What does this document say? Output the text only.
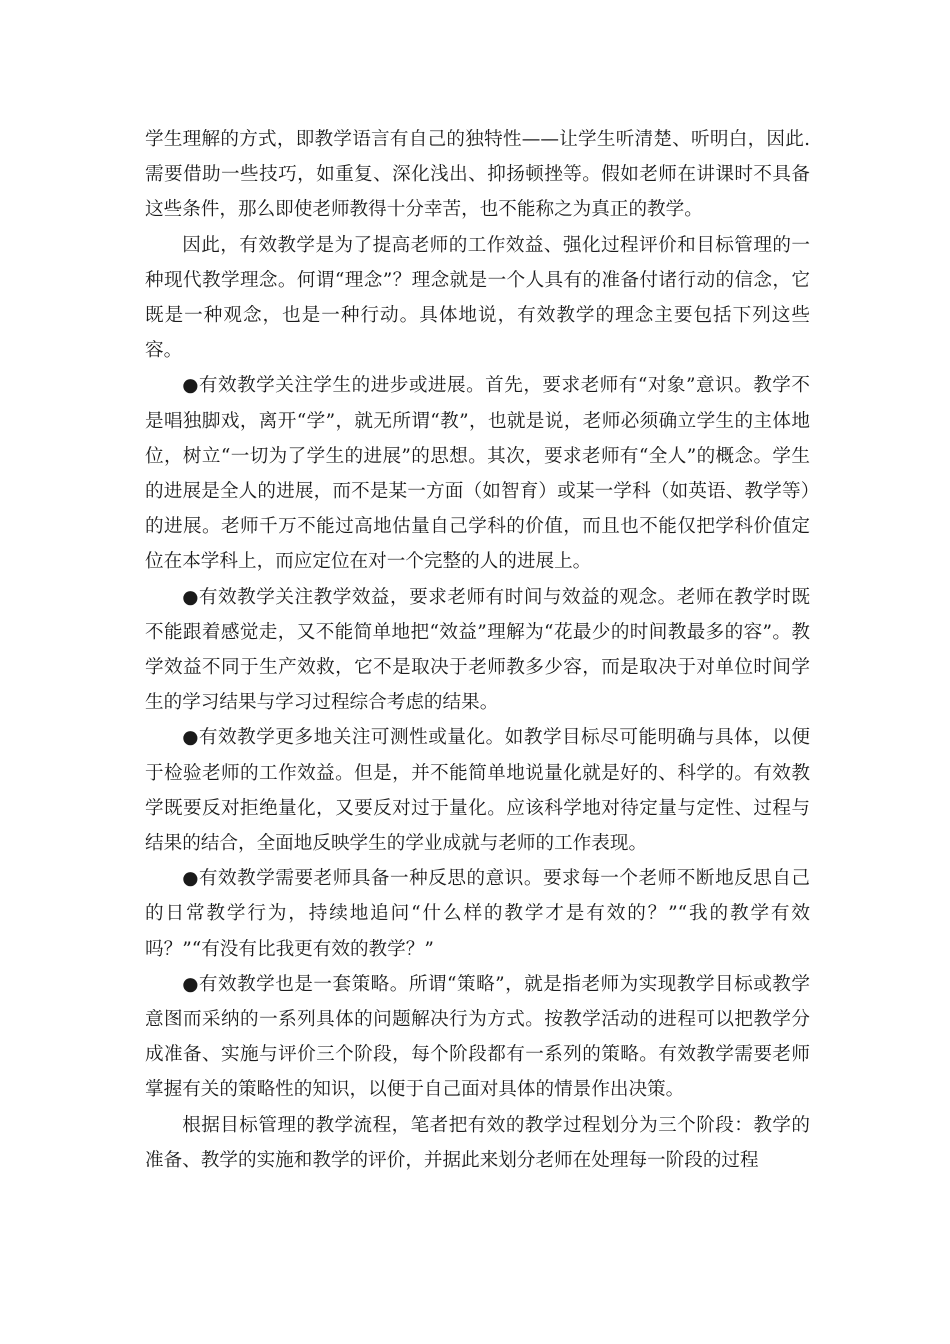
学生理解的方式，即教学语言有自己的独特性——让学生听清楚、听明白，因此.需要借助一些技巧，如重复、深化浅出、抑扬顿挫等。假如老师在讲课时不具备这些条件，那么即使老师教得十分幸苦，也不能称之为真正的教学。

因此，有效教学是为了提高老师的工作效益、强化过程评价和目标管理的一种现代教学理念。何谓“理念”？理念就是一个人具有的准备付诸行动的信念，它既是一种观念，也是一种行动。具体地说，有效教学的理念主要包括下列这些容。

●有效教学关注学生的进步或进展。首先，要求老师有“对象”意识。教学不是唱独脚戏，离开“学”，就无所谓“教”，也就是说，老师必须确立学生的主体地位，树立“一切为了学生的进展”的思想。其次，要求老师有“全人”的概念。学生的进展是全人的进展，而不是某一方面（如智育）或某一学科（如英语、教学等）的进展。老师千万不能过高地估量自己学科的价值，而且也不能仅把学科价值定位在本学科上，而应定位在对一个完整的人的进展上。

●有效教学关注教学效益，要求老师有时间与效益的观念。老师在教学时既不能跟着感觉走，又不能简单地把“效益”理解为“花最少的时间教最多的容”。教学效益不同于生产效救，它不是取决于老师教多少容，而是取决于对单位时间学生的学习结果与学习过程综合考虑的结果。

●有效教学更多地关注可测性或量化。如教学目标尽可能明确与具体，以便于检验老师的工作效益。但是，并不能简单地说量化就是好的、科学的。有效教学既要反对拒绝量化，又要反对过于量化。应该科学地对待定量与定性、过程与结果的结合，全面地反映学生的学业成就与老师的工作表现。

●有效教学需要老师具备一种反思的意识。要求每一个老师不断地反思自己的日常教学行为，持续地追问“什么样的教学才是有效的？”“我的教学有效吗？”“有没有比我更有效的教学？”

●有效教学也是一套策略。所谓“策略”，就是指老师为实现教学目标或教学意图而采纳的一系列具体的问题解决行为方式。按教学活动的进程可以把教学分成准备、实施与评价三个阶段，每个阶段都有一系列的策略。有效教学需要老师掌握有关的策略性的知识，以便于自己面对具体的情景作出决策。

根据目标管理的教学流程，笔者把有效的教学过程划分为三个阶段：教学的准备、教学的实施和教学的评价，并据此来划分老师在处理每一阶段的过程
